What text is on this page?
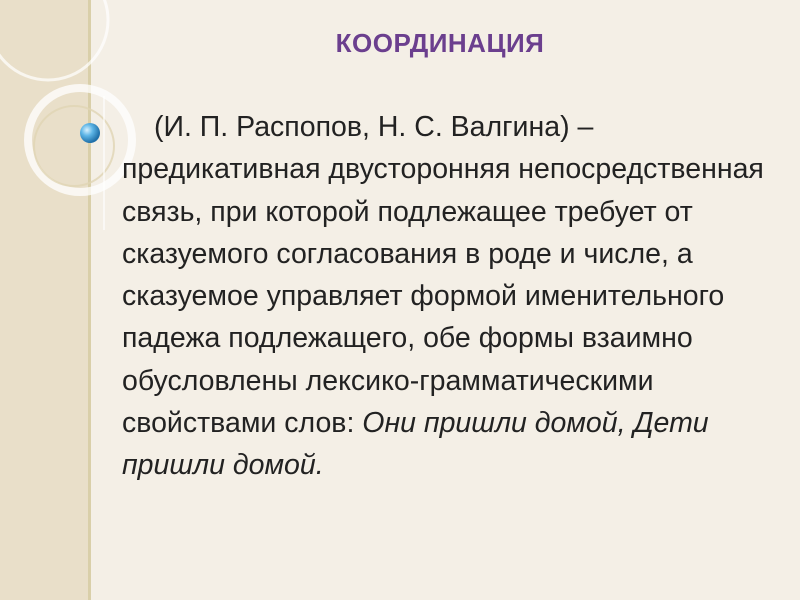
КООРДИНАЦИЯ
(И. П. Распопов, Н. С. Валгина) – предикативная двусторонняя непосредственная связь, при которой подлежащее требует от сказуемого согласования в роде и числе, а сказуемое управляет формой именительного падежа подлежащего, обе формы взаимно обусловлены лексико-грамматическими свойствами слов: Они пришли домой, Дети пришли домой.
